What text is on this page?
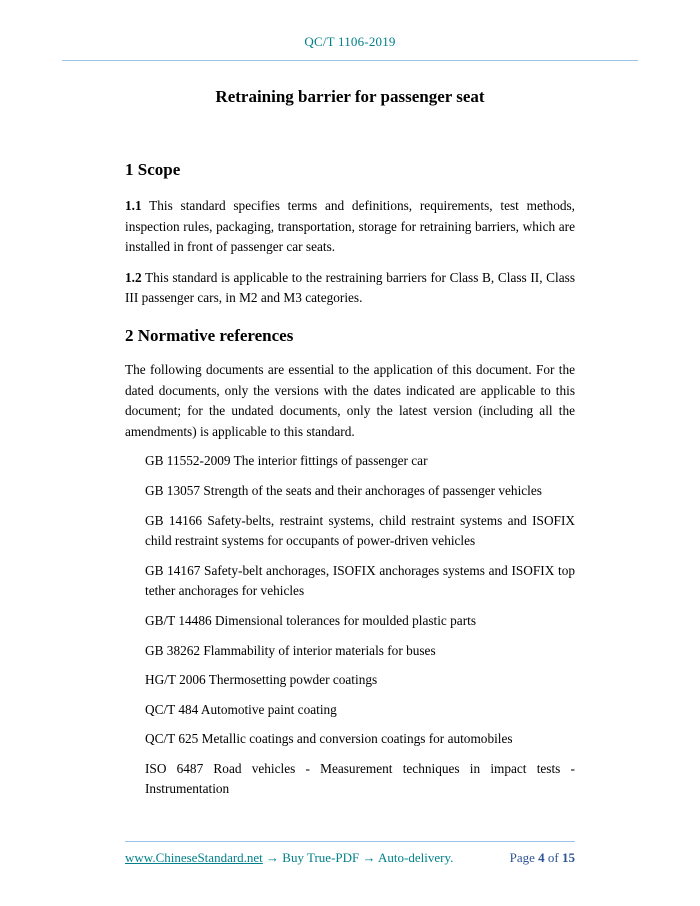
QC/T 1106-2019
Retraining barrier for passenger seat
1 Scope

1.1 This standard specifies terms and definitions, requirements, test methods, inspection rules, packaging, transportation, storage for retraining barriers, which are installed in front of passenger car seats.

1.2 This standard is applicable to the restraining barriers for Class B, Class II, Class III passenger cars, in M2 and M3 categories.

2 Normative references

The following documents are essential to the application of this document. For the dated documents, only the versions with the dates indicated are applicable to this document; for the undated documents, only the latest version (including all the amendments) is applicable to this standard.

GB 11552-2009 The interior fittings of passenger car

GB 13057 Strength of the seats and their anchorages of passenger vehicles

GB 14166 Safety-belts, restraint systems, child restraint systems and ISOFIX child restraint systems for occupants of power-driven vehicles

GB 14167 Safety-belt anchorages, ISOFIX anchorages systems and ISOFIX top tether anchorages for vehicles

GB/T 14486 Dimensional tolerances for moulded plastic parts

GB 38262 Flammability of interior materials for buses

HG/T 2006 Thermosetting powder coatings

QC/T 484 Automotive paint coating

QC/T 625 Metallic coatings and conversion coatings for automobiles

ISO 6487 Road vehicles - Measurement techniques in impact tests - Instrumentation

www.ChineseStandard.net → Buy True-PDF → Auto-delivery.	Page 4 of 15
